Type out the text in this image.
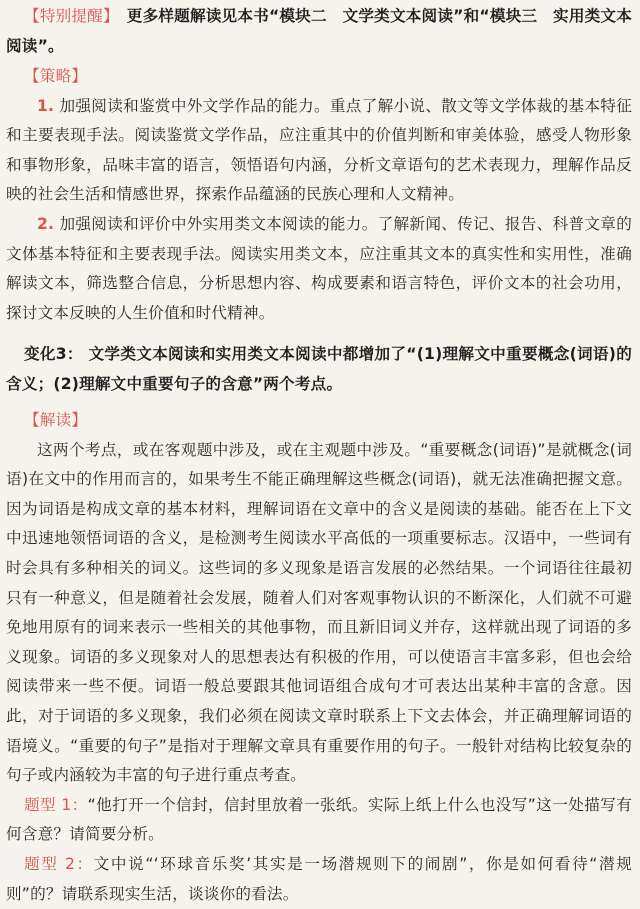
【特别提醒】 更多样题解读见本书“模块二　文学类文本阅读”和“模块三　实用类文本阅读”。

【策略】

1. 加强阅读和鉴赏中外文学作品的能力。重点了解小说、散文等文学体裁的基本特征和主要表现手法。阅读鉴赏文学作品，应注重其中的价值判断和审美体验，感受人物形象和事物形象，品味丰富的语言，领悟语句内涵，分析文章语句的艺术表现力，理解作品反映的社会生活和情感世界，探索作品蕴涵的民族心理和人文精神。

2. 加强阅读和评价中外实用类文本阅读的能力。了解新闻、传记、报告、科普文章的文体基本特征和主要表现手法。阅读实用类文本，应注重其文本的真实性和实用性，准确解读文本，筛选整合信息，分析思想内容、构成要素和语言特色，评价文本的社会功用，探讨文本反映的人生价值和时代精神。

变化3： 文学类文本阅读和实用类文本阅读中都增加了“(1)理解文中重要概念(词语)的含义；(2)理解文中重要句子的含意”两个考点。

【解读】

这两个考点，或在客观题中涉及，或在主观题中涉及。“重要概念(词语)”是就概念(词语)在文中的作用而言的，如果考生不能正确理解这些概念(词语)，就无法准确把握文意。因为词语是构成文章的基本材料，理解词语在文章中的含义是阅读的基础。能否在上下文中迅速地领悟词语的含义，是检测考生阅读水平高低的一项重要标志。汉语中，一些词有时会具有多种相关的词义。这些词的多义现象是语言发展的必然结果。一个词语往往最初只有一种意义，但是随着社会发展，随着人们对客观事物认识的不断深化，人们就不可避免地用原有的词来表示一些相关的其他事物，而且新旧词义并存，这样就出现了词语的多义现象。词语的多义现象对人的思想表达有积极的作用，可以使语言丰富多彩，但也会给阅读带来一些不便。词语一般总要跟其他词语组合成句才可表达出某种丰富的含意。因此，对于词语的多义现象，我们必须在阅读文章时联系上下文去体会，并正确理解词语的语境义。“重要的句子”是指对于理解文章具有重要作用的句子。一般针对结构比较复杂的句子或内涵较为丰富的句子进行重点考查。

题型 1：“他打开一个信封，信封里放着一张纸。实际上纸上什么也没写”这一处描写有何含意？请简要分析。

题型 2：文中说“‘环球音乐奖’其实是一场潜规则下的闹剧”，你是如何看待“潜规则”的？请联系现实生活，谈谈你的看法。
